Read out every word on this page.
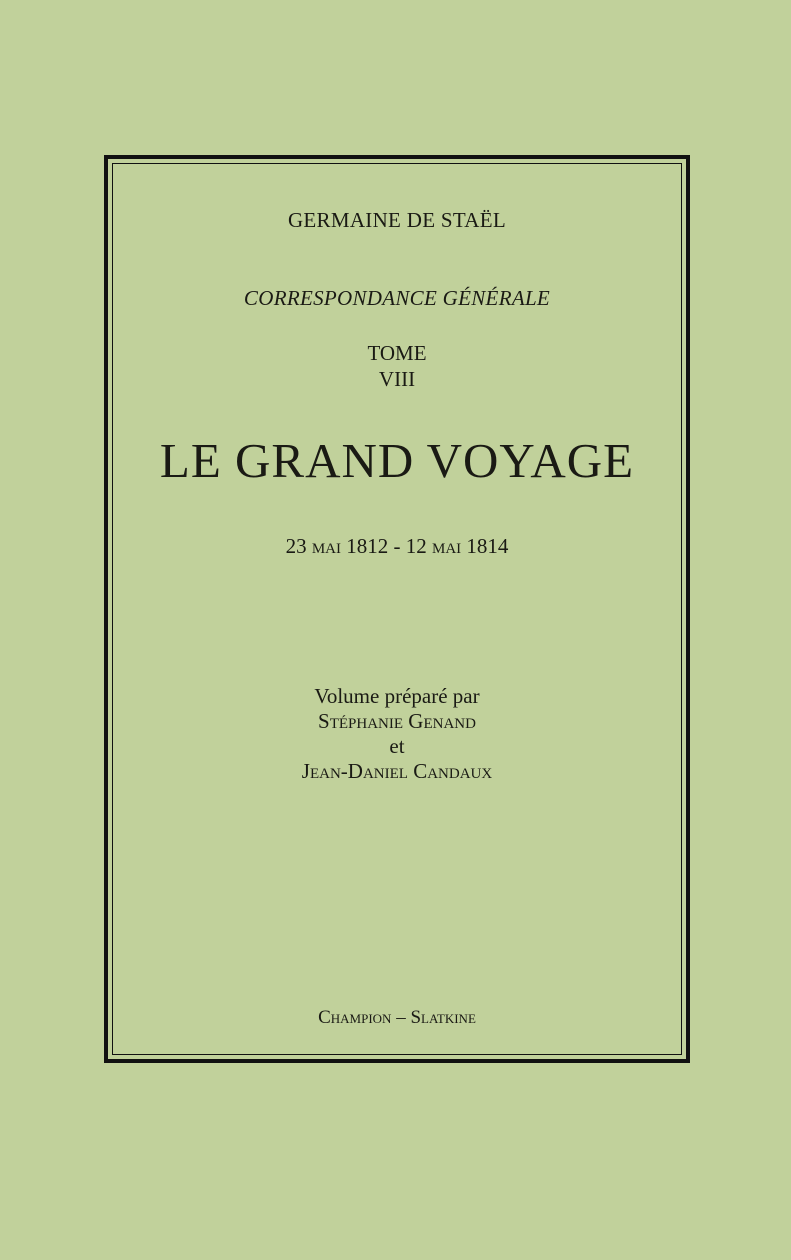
GERMAINE DE STAËL
CORRESPONDANCE GÉNÉRALE
TOME
VIII
LE GRAND VOYAGE
23 mai 1812 - 12 mai 1814
Volume préparé par
Stéphanie Genand
et
Jean-Daniel Candaux
Champion – Slatkine
